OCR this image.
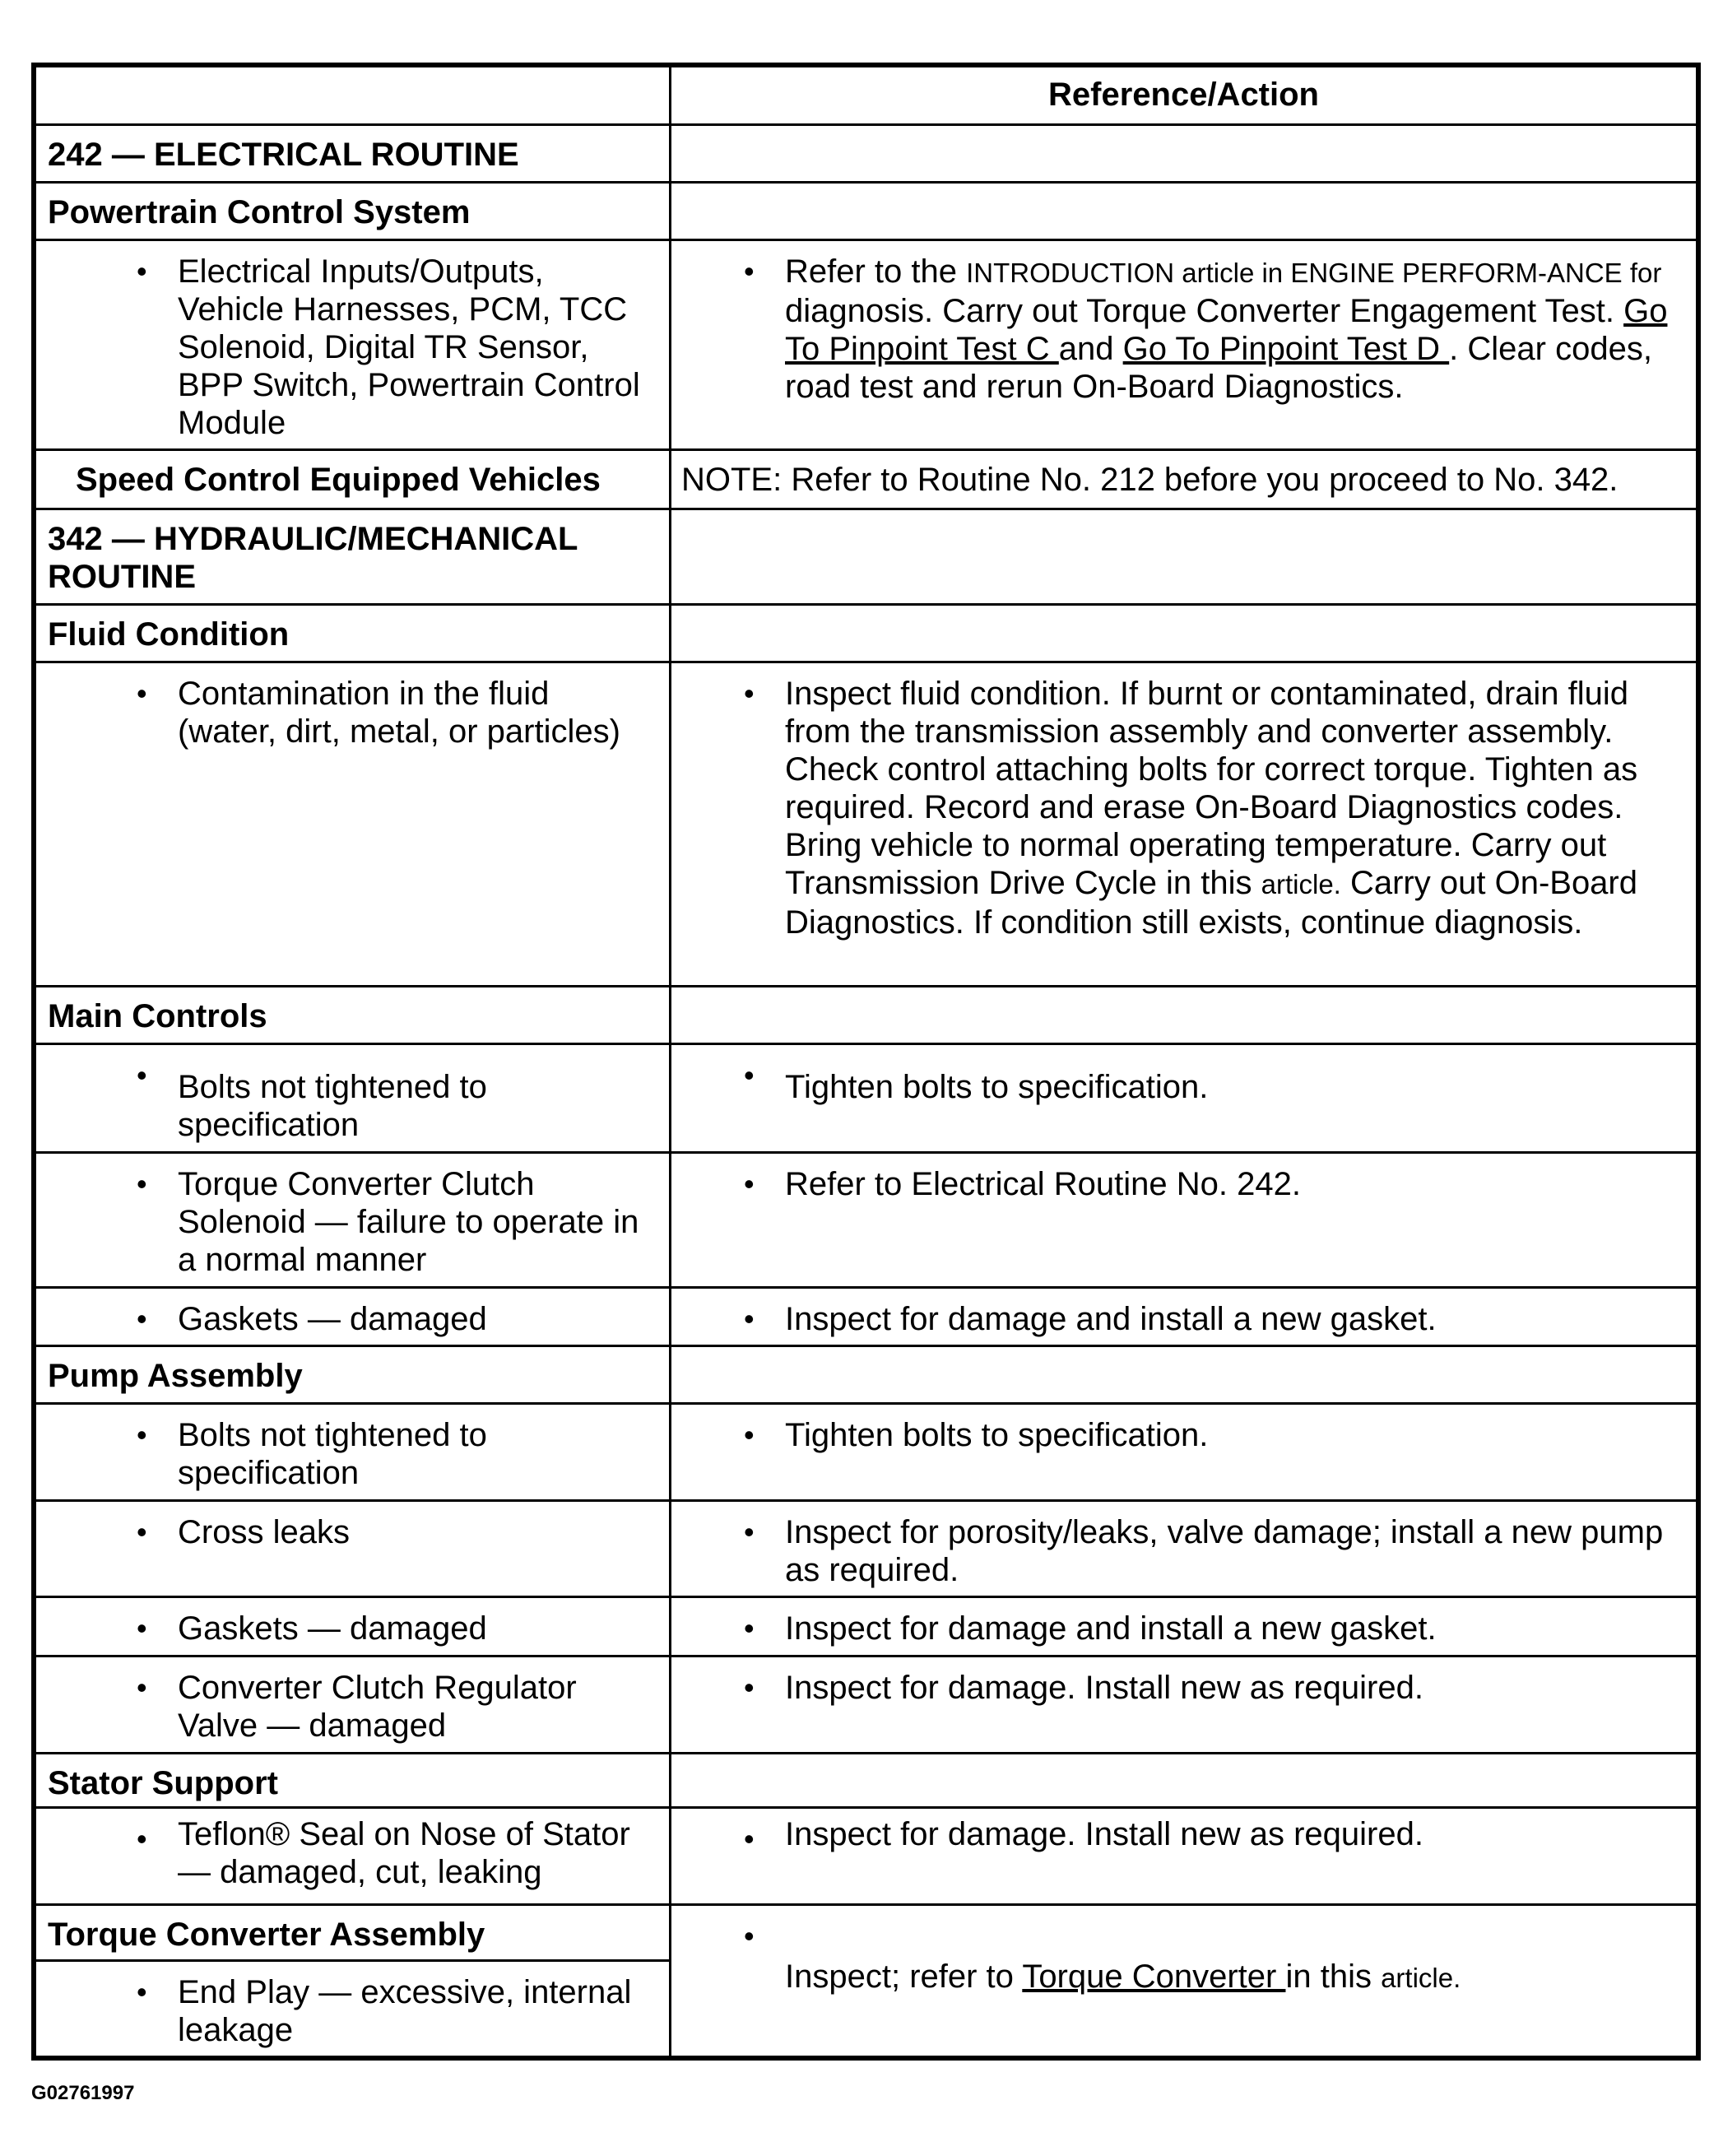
	Reference/Action
242 — ELECTRICAL ROUTINE	
Powertrain Control System	
• Electrical Inputs/Outputs, Vehicle Harnesses, PCM, TCC Solenoid, Digital TR Sensor, BPP Switch, Powertrain Control Module	• Refer to the INTRODUCTION article in ENGINE PERFORM-ANCE for diagnosis. Carry out Torque Converter Engagement Test. Go To Pinpoint Test C and Go To Pinpoint Test D . Clear codes, road test and rerun On-Board Diagnostics.
Speed Control Equipped Vehicles	NOTE: Refer to Routine No. 212 before you proceed to No. 342.
342 — HYDRAULIC/MECHANICAL ROUTINE	
Fluid Condition	
• Contamination in the fluid (water, dirt, metal, or particles)	• Inspect fluid condition. If burnt or contaminated, drain fluid from the transmission assembly and converter assembly. Check control attaching bolts for correct torque. Tighten as required. Record and erase On-Board Diagnostics codes. Bring vehicle to normal operating temperature. Carry out Transmission Drive Cycle in this article. Carry out On-Board Diagnostics. If condition still exists, continue diagnosis.
Main Controls	
• Bolts not tightened to specification	• Tighten bolts to specification.
• Torque Converter Clutch Solenoid — failure to operate in a normal manner	• Refer to Electrical Routine No. 242.
• Gaskets — damaged	• Inspect for damage and install a new gasket.
Pump Assembly	
• Bolts not tightened to specification	• Tighten bolts to specification.
• Cross leaks	• Inspect for porosity/leaks, valve damage; install a new pump as required.
• Gaskets — damaged	• Inspect for damage and install a new gasket.
• Converter Clutch Regulator Valve — damaged	• Inspect for damage. Install new as required.
Stator Support	
• Teflon® Seal on Nose of Stator — damaged, cut, leaking	• Inspect for damage. Install new as required.
Torque Converter Assembly	• Inspect; refer to Torque Converter in this article.
• End Play — excessive, internal leakage
G02761997
